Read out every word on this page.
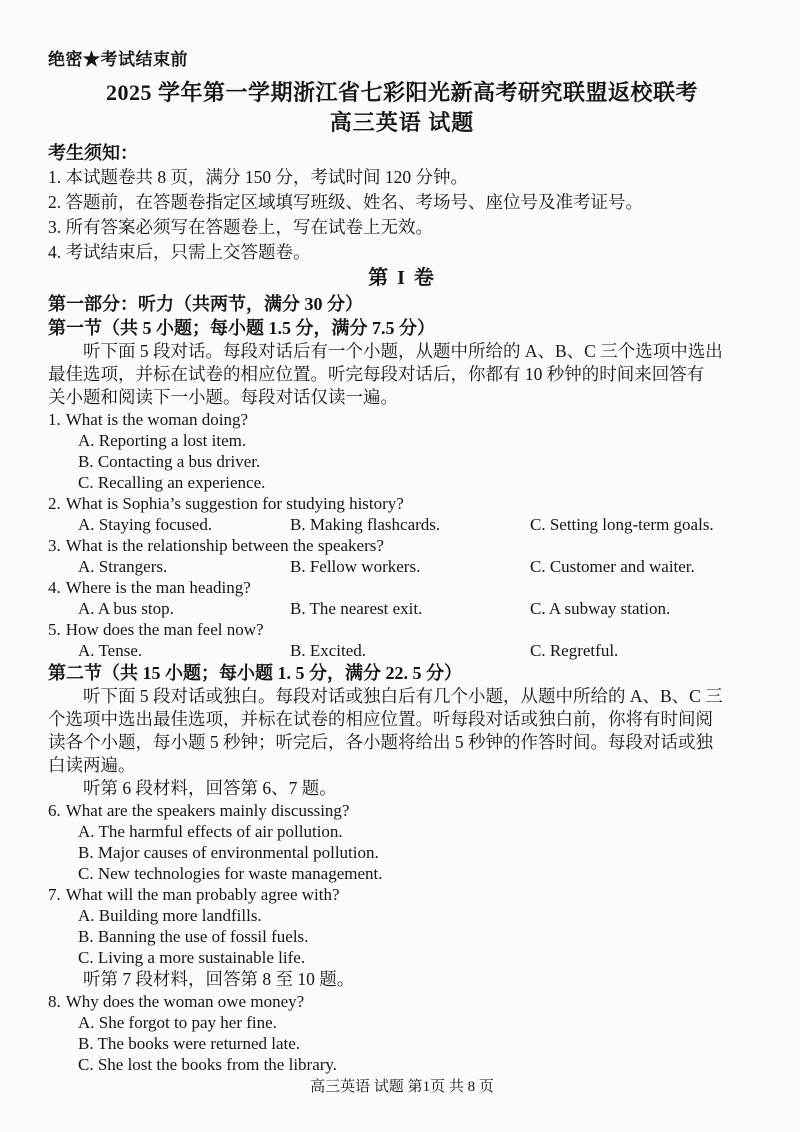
绝密★考试结束前
2025 学年第一学期浙江省七彩阳光新高考研究联盟返校联考
高三英语 试题
考生须知：
1. 本试题卷共 8 页，满分 150 分，考试时间 120 分钟。
2. 答题前，在答题卷指定区域填写班级、姓名、考场号、座位号及准考证号。
3. 所有答案必须写在答题卷上，写在试卷上无效。
4. 考试结束后，只需上交答题卷。
第 I 卷
第一部分：听力（共两节，满分 30 分）
第一节（共 5 小题；每小题 1.5 分，满分 7.5 分）
听下面 5 段对话。每段对话后有一个小题，从题中所给的 A、B、C 三个选项中选出
最佳选项，并标在试卷的相应位置。听完每段对话后，你都有 10 秒钟的时间来回答有
关小题和阅读下一小题。每段对话仅读一遍。
1. What is the woman doing?
A. Reporting a lost item.
B. Contacting a bus driver.
C. Recalling an experience.
2. What is Sophia’s suggestion for studying history?
A. Staying focused.	B. Making flashcards.	C. Setting long-term goals.
3. What is the relationship between the speakers?
A. Strangers.	B. Fellow workers.	C. Customer and waiter.
4. Where is the man heading?
A. A bus stop.	B. The nearest exit.	C. A subway station.
5. How does the man feel now?
A. Tense.	B. Excited.	C. Regretful.
第二节（共 15 小题；每小题 1. 5 分，满分 22. 5 分）
听下面 5 段对话或独白。每段对话或独白后有几个小题，从题中所给的 A、B、C 三
个选项中选出最佳选项，并标在试卷的相应位置。听每段对话或独白前，你将有时间阅
读各个小题，每小题 5 秒钟；听完后，各小题将给出 5 秒钟的作答时间。每段对话或独
白读两遍。
听第 6 段材料，回答第 6、7 题。
6. What are the speakers mainly discussing?
A. The harmful effects of air pollution.
B. Major causes of environmental pollution.
C. New technologies for waste management.
7. What will the man probably agree with?
A. Building more landfills.
B. Banning the use of fossil fuels.
C. Living a more sustainable life.
听第 7 段材料，回答第 8 至 10 题。
8. Why does the woman owe money?
A. She forgot to pay her fine.
B. The books were returned late.
C. She lost the books from the library.
高三英语 试题 第1页 共 8 页
